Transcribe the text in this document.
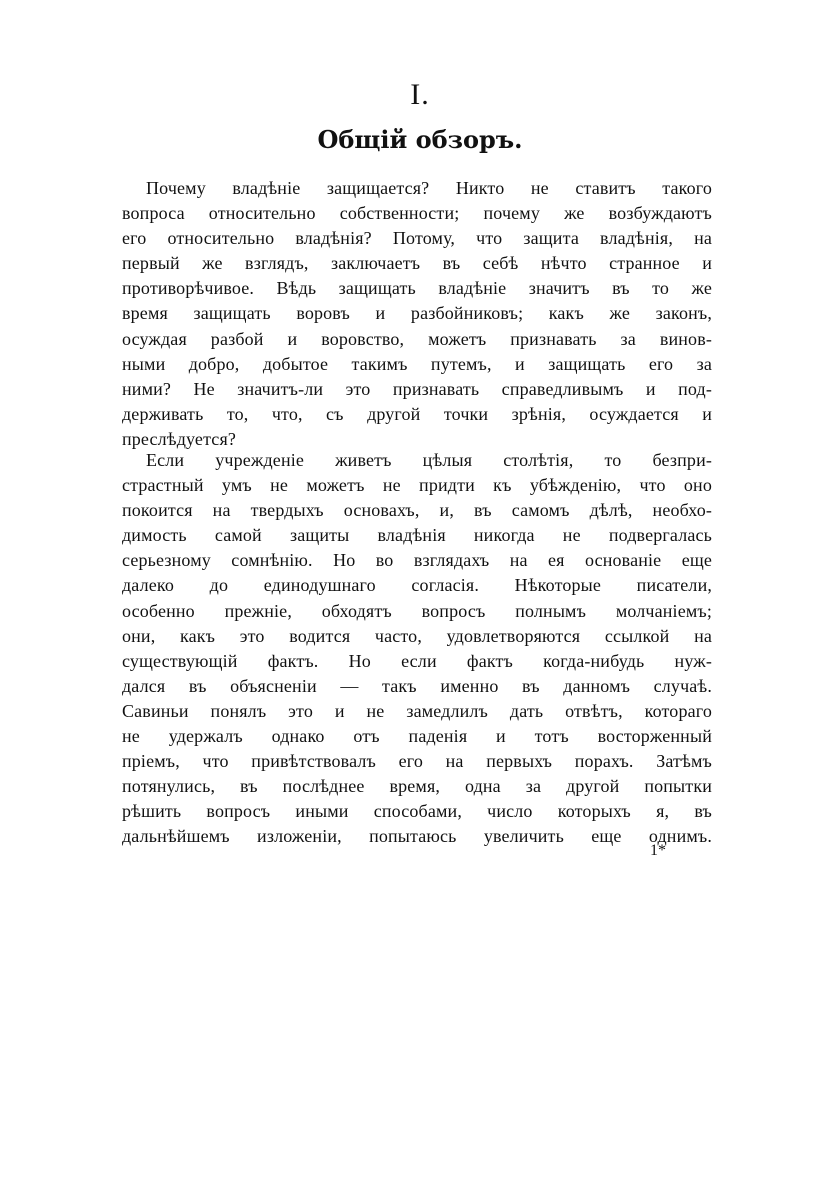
I.
Общій обзоръ.
Почему владѣніе защищается? Никто не ставитъ такого
вопроса относительно собственности; почему же возбуждаютъ
его относительно владѣнія? Потому, что защита владѣнія, на
первый же взглядъ, заключаетъ въ себѣ нѣчто странное и
противорѣчивое. Вѣдь защищать владѣніе значитъ въ то же
время защищать воровъ и разбойниковъ; какъ же законъ,
осуждая разбой и воровство, можетъ признавать за винов-
ными добро, добытое такимъ путемъ, и защищать его за
ними? Не значитъ-ли это признавать справедливымъ и под-
держивать то, что, съ другой точки зрѣнія, осуждается и
преслѣдуется?
Если учрежденіе живетъ цѣлыя столѣтія, то безпри-
страстный умъ не можетъ не придти къ убѣжденію, что оно
покоится на твердыхъ основахъ, и, въ самомъ дѣлѣ, необхо-
димость самой защиты владѣнія никогда не подвергалась
серьезному сомнѣнію. Но во взглядахъ на ея основаніе еще
далеко до единодушнаго согласія. Нѣкоторые писатели,
особенно прежніе, обходятъ вопросъ полнымъ молчаніемъ;
они, какъ это водится часто, удовлетворяются ссылкой на
существующій фактъ. Но если фактъ когда-нибудь нуж-
дался въ объясненіи — такъ именно въ данномъ случаѣ.
Савиньи понялъ это и не замедлилъ дать отвѣтъ, котораго
не удержалъ однако отъ паденія и тотъ восторженный
пріемъ, что привѣтствовалъ его на первыхъ порахъ. Затѣмъ
потянулись, въ послѣднее время, одна за другой попытки
рѣшить вопросъ иными способами, число которыхъ я, въ
дальнѣйшемъ изложеніи, попытаюсь увеличить еще однимъ.
1*
